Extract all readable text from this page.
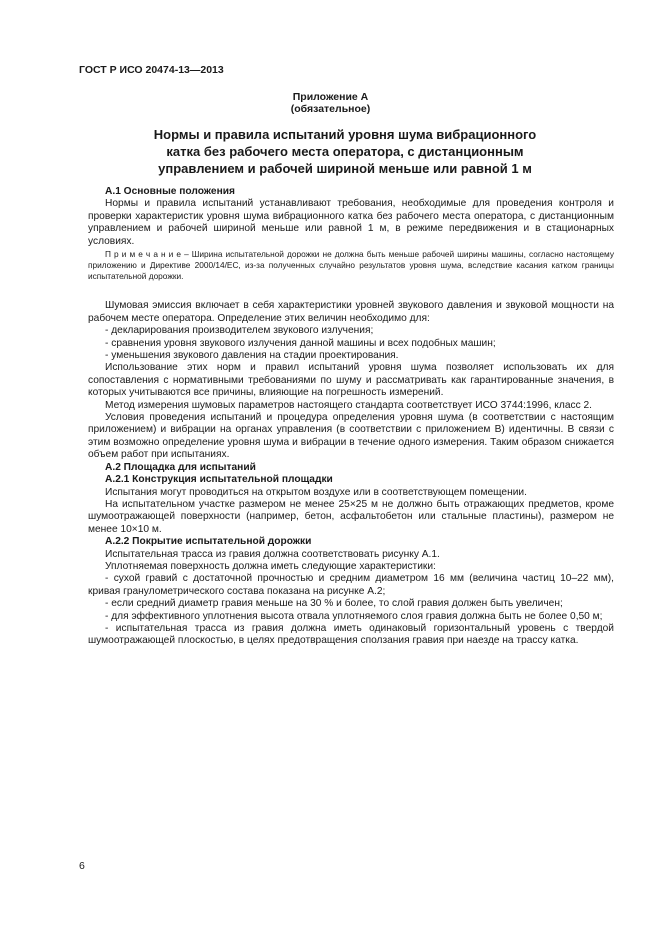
ГОСТ Р ИСО 20474-13—2013
Приложение А
(обязательное)
Нормы и правила испытаний уровня шума вибрационного
катка без рабочего места оператора, с дистанционным
управлением и рабочей шириной меньше или равной 1 м

А.1 Основные положения

Нормы и правила испытаний устанавливают требования, необходимые для проведения контроля и проверки характеристик уровня шума вибрационного катка без рабочего места оператора, с дистанционным управлением и рабочей шириной меньше или равной 1 м, в режиме передвижения и в стационарных условиях.

П р и м е ч а н и е – Ширина испытательной дорожки не должна быть меньше рабочей ширины машины, согласно настоящему приложению и Директиве 2000/14/EC, из-за полученных случайно результатов уровня шума, вследствие касания катком границы испытательной дорожки.

Шумовая эмиссия включает в себя характеристики уровней звукового давления и звуковой мощности на рабочем месте оператора. Определение этих величин необходимо для:

- декларирования производителем звукового излучения;

- сравнения уровня звукового излучения данной машины и всех подобных машин;

- уменьшения звукового давления на стадии проектирования.

Использование этих норм и правил испытаний уровня шума позволяет использовать их для сопоставления с нормативными требованиями по шуму и рассматривать как гарантированные значения, в которых учитываются все причины, влияющие на погрешность измерений.

Метод измерения шумовых параметров настоящего стандарта соответствует ИСО 3744:1996, класс 2.

Условия проведения испытаний и процедура определения уровня шума (в соответствии с настоящим приложением) и вибрации на органах управления (в соответствии с приложением В) идентичны. В связи с этим возможно определение уровня шума и вибрации в течение одного измерения. Таким образом снижается объем работ при испытаниях.

А.2 Площадка для испытаний

А.2.1 Конструкция испытательной площадки

Испытания могут проводиться на открытом воздухе или в соответствующем помещении.

На испытательном участке размером не менее 25×25 м не должно быть отражающих предметов, кроме шумоотражающей поверхности (например, бетон, асфальтобетон или стальные пластины), размером не менее 10×10 м.

А.2.2 Покрытие испытательной дорожки

Испытательная трасса из гравия должна соответствовать рисунку А.1.

Уплотняемая поверхность должна иметь следующие характеристики:

- сухой гравий с достаточной прочностью и средним диаметром 16 мм (величина частиц 10–22 мм), кривая гранулометрического состава показана на рисунке А.2;

- если средний диаметр гравия меньше на 30 % и более, то слой гравия должен быть увеличен;

- для эффективного уплотнения высота отвала уплотняемого слоя гравия должна быть не более 0,50 м;

- испытательная трасса из гравия должна иметь одинаковый горизонтальный уровень с твердой шумоотражающей плоскостью, в целях предотвращения сползания гравия при наезде на трассу катка.

6
